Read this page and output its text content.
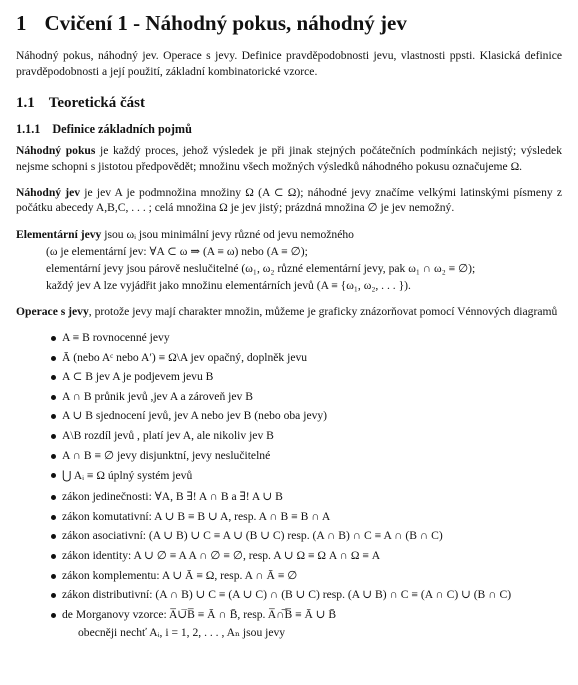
1 Cvičení 1 - Náhodný pokus, náhodný jev

Náhodný pokus, náhodný jev. Operace s jevy. Definice pravděpodobnosti jevu, vlastnosti ppsti. Klasická definice pravděpodobnosti a její použití, základní kombinatorické vzorce.

1.1 Teoretická část
1.1.1 Definice základních pojmů

Náhodný pokus je každý proces, jehož výsledek je při jinak stejných počátečních podmínkách nejistý; výsledek nejsme schopni s jistotou předpovědět; množinu všech možných výsledků náhodného pokusu označujeme Ω.

Náhodný jev je jev A je podmnožina množiny Ω (A ⊂ Ω); náhodné jevy značíme velkými latinskými písmeny z počátku abecedy A,B,C, . . . ; celá množina Ω je jev jistý; prázdná množina ∅ je jev nemožný.

Elementární jevy jsou ωᵢ jsou minimální jevy různé od jevu nemožného

(ω je elementární jev: ∀A ⊂ ω ⇒ (A ≡ ω) nebo (A ≡ ∅);

elementární jevy jsou párově neslučitelné (ω₁, ω₂ různé elementární jevy, pak ω₁ ∩ ω₂ ≡ ∅);

každý jev A lze vyjádřit jako množinu elementárních jevů (A ≡ {ω₁, ω₂, . . . }).

Operace s jevy, protože jevy mají charakter množin, můžeme je graficky znázorňovat pomocí Vénnových diagramů

A ≡ B rovnocenné jevy
Ā (nebo Aᶜ nebo A′) ≡ Ω\A jev opačný, doplněk jevu
A ⊂ B jev A je podjevem jevu B
A ∩ B průnik jevů ,jev A a zároveň jev B
A ∪ B sjednocení jevů, jev A nebo jev B (nebo oba jevy)
A\B rozdíl jevů , platí jev A, ale nikoliv jev B
A ∩ B ≡ ∅ jevy disjunktní, jevy neslučitelné
⋃ Aᵢ ≡ Ω úplný systém jevů
zákon jedinečnosti: ∀A, B ∃! A ∩ B a ∃! A ∪ B
zákon komutativní: A ∪ B ≡ B ∪ A, resp. A ∩ B ≡ B ∩ A
zákon asociativní: (A ∪ B) ∪ C ≡ A ∪ (B ∪ C) resp. (A ∩ B) ∩ C ≡ A ∩ (B ∩ C)
zákon identity: A ∪ ∅ ≡ A A ∩ ∅ ≡ ∅, resp. A ∪ Ω ≡ Ω A ∩ Ω ≡ A
zákon komplementu: A ∪ Ā ≡ Ω, resp. A ∩ Ā ≡ ∅
zákon distributivní: (A ∩ B) ∪ C ≡ (A ∪ C) ∩ (B ∪ C) resp. (A ∪ B) ∩ C ≡ (A ∩ C) ∪ (B ∩ C)
de Morganovy vzorce: A̅∪̅B̅ ≡ Ā ∩ B̄, resp. A̅∩̅B̅ ≡ Ā ∪ B̄
obecněji nechť Aᵢ, i = 1, 2, . . . , Aₙ jsou jevy
